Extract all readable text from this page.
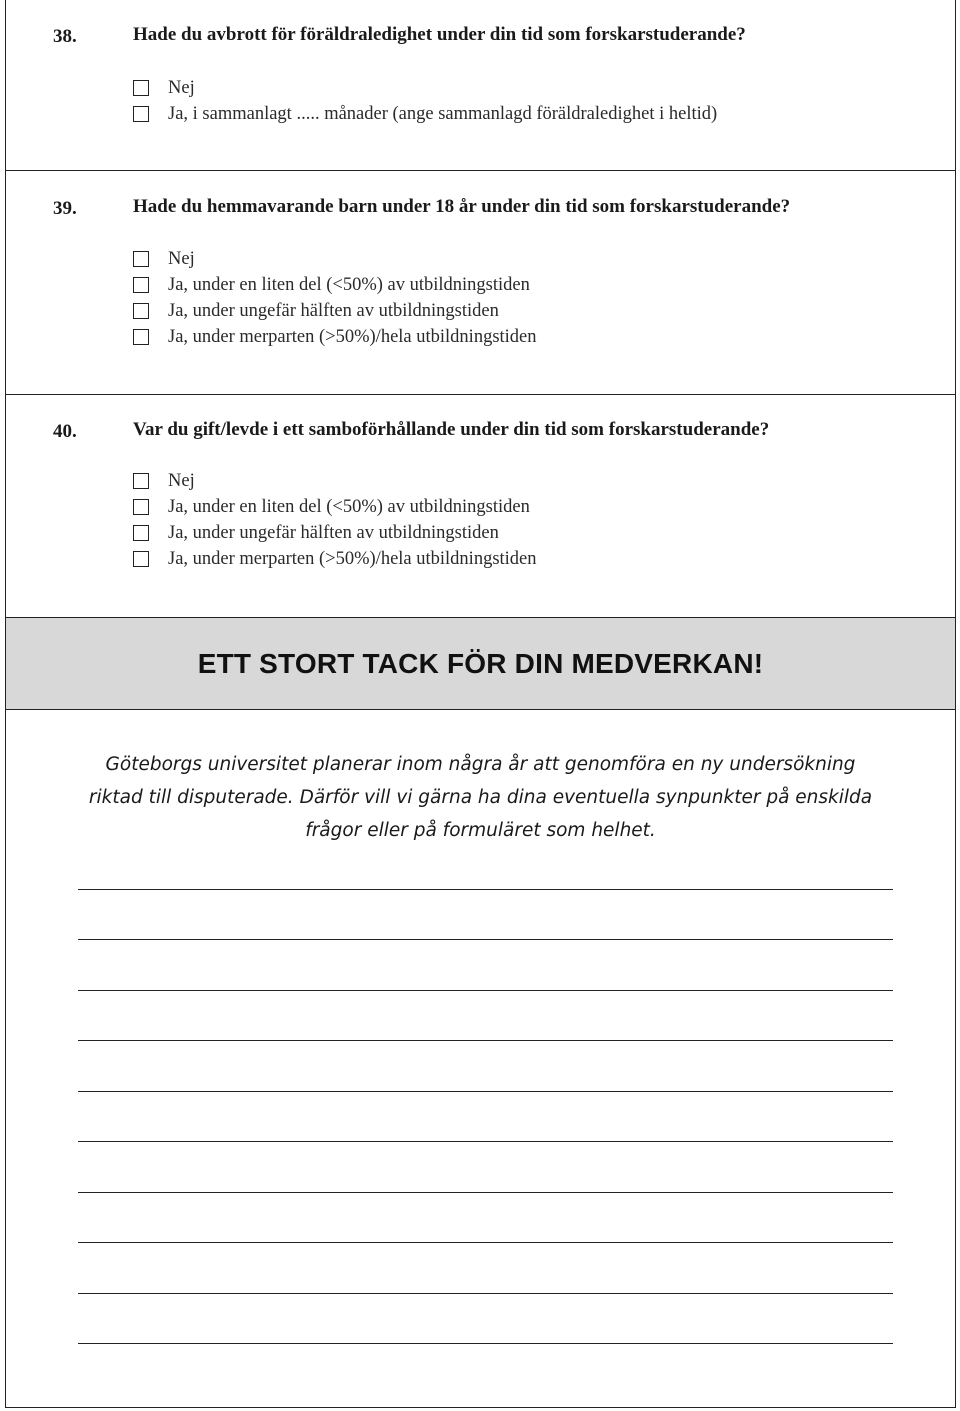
38.	Hade du avbrott för föräldraledighet under din tid som forskarstuderande?
Nej
Ja, i sammanlagt ..... månader (ange sammanlagd föräldraledighet i heltid)
39.	Hade du hemmavarande barn under 18 år under din tid som forskarstuderande?
Nej
Ja, under en liten del (<50%) av utbildningstiden
Ja, under ungefär hälften av utbildningstiden
Ja, under merparten (>50%)/hela utbildningstiden
40.	Var du gift/levde i ett samboförhållande under din tid som forskarstuderande?
Nej
Ja, under en liten del (<50%) av utbildningstiden
Ja, under ungefär hälften av utbildningstiden
Ja, under merparten (>50%)/hela utbildningstiden
ETT STORT TACK FÖR DIN MEDVERKAN!
Göteborgs universitet planerar inom några år att genomföra en ny undersökning
riktad till disputerade. Därför vill vi gärna ha dina eventuella synpunkter på enskilda
frågor eller på formuläret som helhet.
